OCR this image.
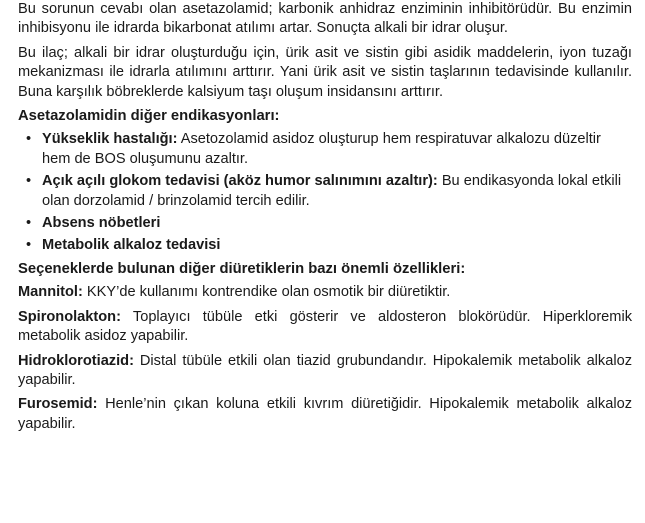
Bu sorunun cevabı olan asetazolamid; karbonik anhidraz enziminin inhibitörüdür. Bu enzimin inhibisyonu ile idrarda bikarbonat atılımı artar. Sonuçta alkali bir idrar oluşur.

Bu ilaç; alkali bir idrar oluşturduğu için, ürik asit ve sistin gibi asidik maddelerin, iyon tuzağı mekanizması ile idrarla atılımını arttırır. Yani ürik asit ve sistin taşlarının tedavisinde kullanılır. Buna karşılık böbreklerde kalsiyum taşı oluşum insidansını arttırır.

Asetazolamidin diğer endikasyonları:
• Yükseklik hastalığı: Asetozolamid asidoz oluşturup hem respiratuvar alkalozu düzeltir hem de BOS oluşumunu azaltır.
• Açık açılı glokom tedavisi (aköz humor salınımını azaltır): Bu endikasyonda lokal etkili olan dorzolamid / brinzolamid tercih edilir.
• Absens nöbetleri
• Metabolik alkaloz tedavisi
Seçeneklerde bulunan diğer diüretiklerin bazı önemli özellikleri:

Mannitol: KKY’de kullanımı kontrendike olan osmotik bir diüretiktir.

Spironolakton: Toplayıcı tübüle etki gösterir ve aldosteron blokörüdür. Hiperkloremik metabolik asidoz yapabilir.

Hidroklorotiazid: Distal tübüle etkili olan tiazid grubundandır. Hipokalemik metabolik alkaloz yapabilir.

Furosemid: Henle’nin çıkan koluna etkili kıvrım diüretiğidir. Hipokalemik metabolik alkaloz yapabilir.
